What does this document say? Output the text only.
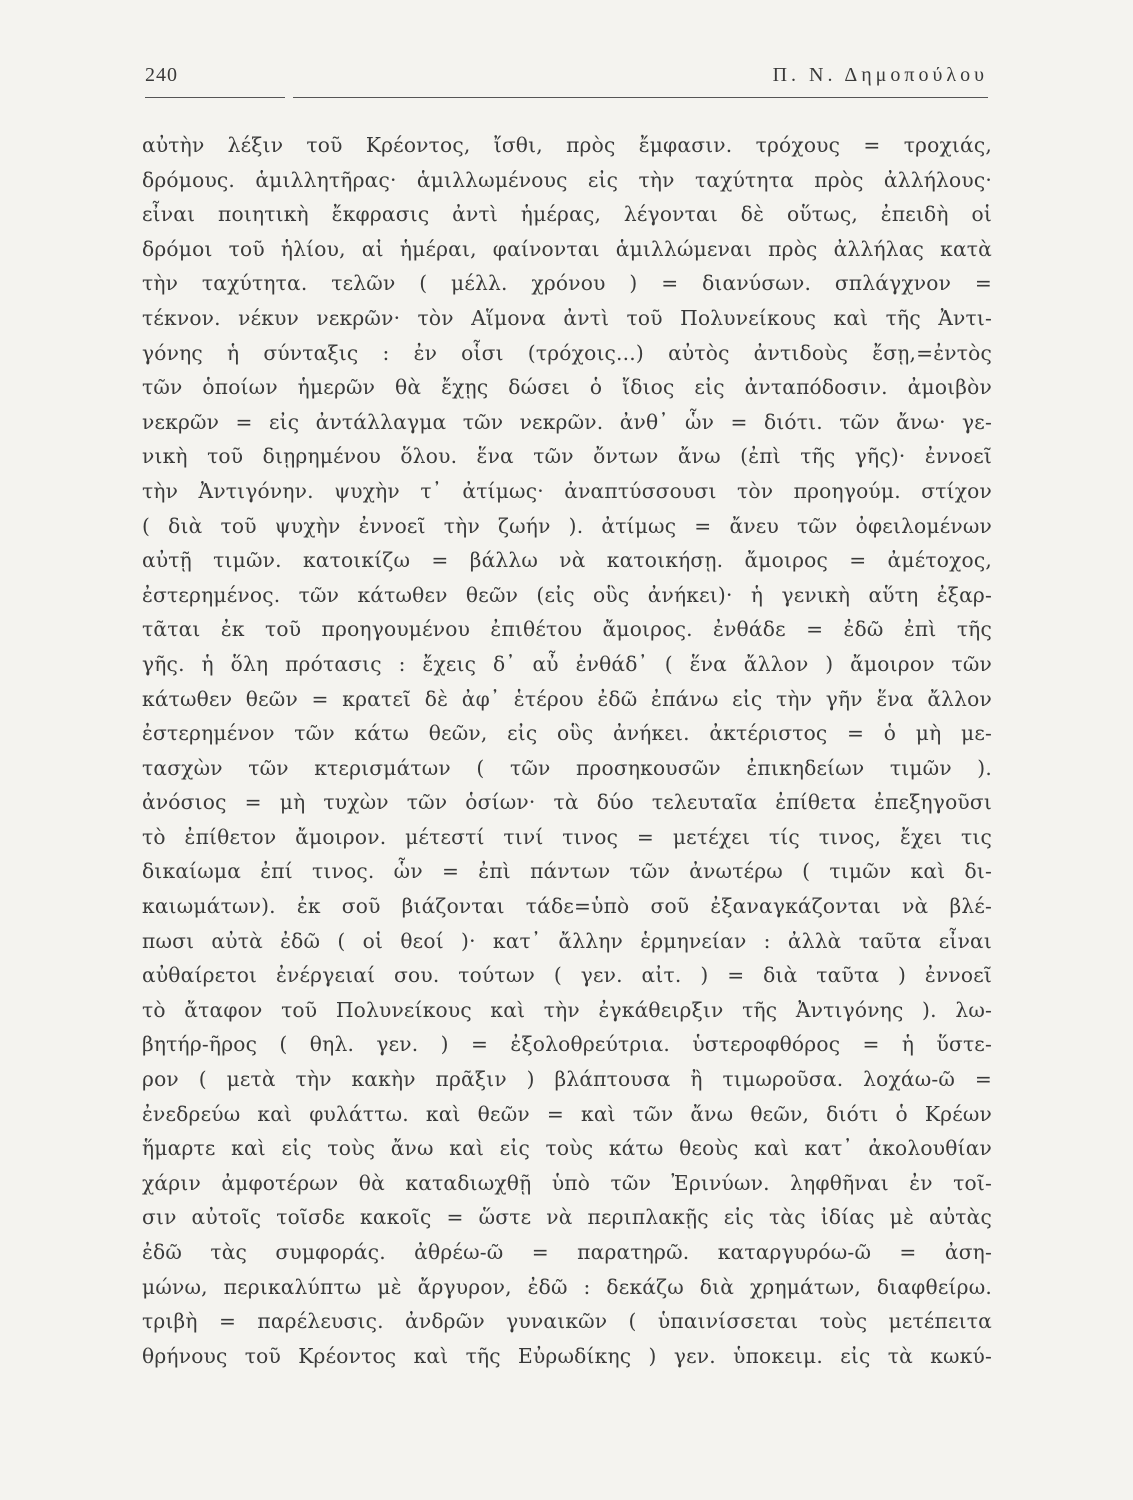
240	Π. Ν. Δημοπούλου
αὐτὴν λέξιν τοῦ Κρέοντος, ἴσθι, πρὸς ἔμφασιν. τρόχους = τροχιάς,
δρόμους. ἁμιλλητῆρας· ἁμιλλωμένους εἰς τὴν ταχύτητα πρὸς ἀλλήλους·
εἶναι ποιητικὴ ἔκφρασις ἀντὶ ἡμέρας, λέγονται δὲ οὕτως, ἐπειδὴ οἱ
δρόμοι τοῦ ἡλίου, αἱ ἡμέραι, φαίνονται ἁμιλλώμεναι πρὸς ἀλλήλας κατὰ
τὴν ταχύτητα. τελῶν ( μέλλ. χρόνου ) = διανύσων. σπλάγχνον =
τέκνον. νέκυν νεκρῶν· τὸν Αἵμονα ἀντὶ τοῦ Πολυνείκους καὶ τῆς Ἀντι-
γόνης ἡ σύνταξις : ἐν οἷσι (τρόχοις...) αὐτὸς ἀντιδοὺς ἔσῃ,=ἐντὸς
τῶν ὁποίων ἡμερῶν θὰ ἔχῃς δώσει ὁ ἴδιος εἰς ἀνταπόδοσιν. ἀμοιβὸν
νεκρῶν = εἰς ἀντάλλαγμα τῶν νεκρῶν. ἀνθ᾿ ὧν = διότι. τῶν ἄνω· γε-
νικὴ τοῦ διῃρημένου ὅλου. ἕνα τῶν ὄντων ἄνω (ἐπὶ τῆς γῆς)· ἐννοεῖ
τὴν Ἀντιγόνην. ψυχὴν τ᾿ ἀτίμως· ἀναπτύσσουσι τὸν προηγούμ. στίχον
( διὰ τοῦ ψυχὴν ἐννοεῖ τὴν ζωήν ). ἀτίμως = ἄνευ τῶν ὀφειλομένων
αὐτῇ τιμῶν. κατοικίζω = βάλλω νὰ κατοικήσῃ. ἄμοιρος = ἀμέτοχος,
ἐστερημένος. τῶν κάτωθεν θεῶν (εἰς οὓς ἀνήκει)· ἡ γενικὴ αὕτη ἐξαρ-
τᾶται ἐκ τοῦ προηγουμένου ἐπιθέτου ἄμοιρος. ἐνθάδε = ἐδῶ ἐπὶ τῆς
γῆς. ἡ ὅλη πρότασις : ἔχεις δ᾿ αὖ ἐνθάδ᾿ ( ἕνα ἄλλον ) ἄμοιρον τῶν
κάτωθεν θεῶν = κρατεῖ δὲ ἀφ᾿ ἑτέρου ἐδῶ ἐπάνω εἰς τὴν γῆν ἕνα ἄλλον
ἐστερημένον τῶν κάτω θεῶν, εἰς οὓς ἀνήκει. ἀκτέριστος = ὁ μὴ με-
τασχὼν τῶν κτερισμάτων ( τῶν προσηκουσῶν ἐπικηδείων τιμῶν ).
ἀνόσιος = μὴ τυχὼν τῶν ὁσίων· τὰ δύο τελευταῖα ἐπίθετα ἐπεξηγοῦσι
τὸ ἐπίθετον ἄμοιρον. μέτεστί τινί τινος = μετέχει τίς τινος, ἔχει τις
δικαίωμα ἐπί τινος. ὧν = ἐπὶ πάντων τῶν ἀνωτέρω ( τιμῶν καὶ δι-
καιωμάτων). ἐκ σοῦ βιάζονται τάδε=ὑπὸ σοῦ ἐξαναγκάζονται νὰ βλέ-
πωσι αὐτὰ ἐδῶ ( οἱ θεοί )· κατ᾿ ἄλλην ἑρμηνείαν : ἀλλὰ ταῦτα εἶναι
αὐθαίρετοι ἐνέργειαί σου. τούτων ( γεν. αἰτ. ) = διὰ ταῦτα ) ἐννοεῖ
τὸ ἄταφον τοῦ Πολυνείκους καὶ τὴν ἐγκάθειρξιν τῆς Ἀντιγόνης ). λω-
βητήρ-ῆρος ( θηλ. γεν. ) = ἐξολοθρεύτρια. ὑστεροφθόρος = ἡ ὕστε-
ρον ( μετὰ τὴν κακὴν πρᾶξιν ) βλάπτουσα ἢ τιμωροῦσα. λοχάω-ῶ =
ἐνεδρεύω καὶ φυλάττω. καὶ θεῶν = καὶ τῶν ἄνω θεῶν, διότι ὁ Κρέων
ἥμαρτε καὶ εἰς τοὺς ἄνω καὶ εἰς τοὺς κάτω θεοὺς καὶ κατ᾿ ἀκολουθίαν
χάριν ἀμφοτέρων θὰ καταδιωχθῇ ὑπὸ τῶν Ἐρινύων. ληφθῆναι ἐν τοῖ-
σιν αὐτοῖς τοῖσδε κακοῖς = ὥστε νὰ περιπλακῇς εἰς τὰς ἰδίας μὲ αὐτὰς
ἐδῶ τὰς συμφοράς. ἀθρέω-ῶ = παρατηρῶ. καταργυρόω-ῶ = ἀση-
μώνω, περικαλύπτω μὲ ἄργυρον, ἐδῶ : δεκάζω διὰ χρημάτων, διαφθείρω.
τριβὴ = παρέλευσις. ἀνδρῶν γυναικῶν ( ὑπαινίσσεται τοὺς μετέπειτα
θρήνους τοῦ Κρέοντος καὶ τῆς Εὐρωδίκης ) γεν. ὑποκειμ. εἰς τὰ κωκύ-
